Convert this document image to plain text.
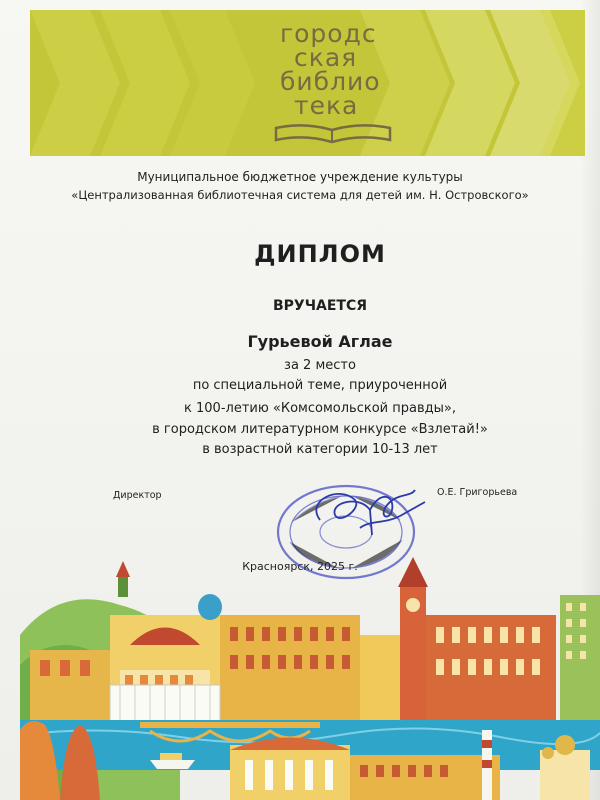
городс
ская
библио
тека
Муниципальное бюджетное учреждение культуры
«Централизованная библиотечная система для детей им. Н. Островского»
ДИПЛОМ
ВРУЧАЕТСЯ
Гурьевой Аглае
за 2 место
по специальной теме, приуроченной
к 100-летию «Комсомольской правды»,
в городском литературном конкурсе «Взлетай!»
в возрастной категории 10-13 лет
Директор	О.Е. Григорьева
Красноярск, 2025 г.
